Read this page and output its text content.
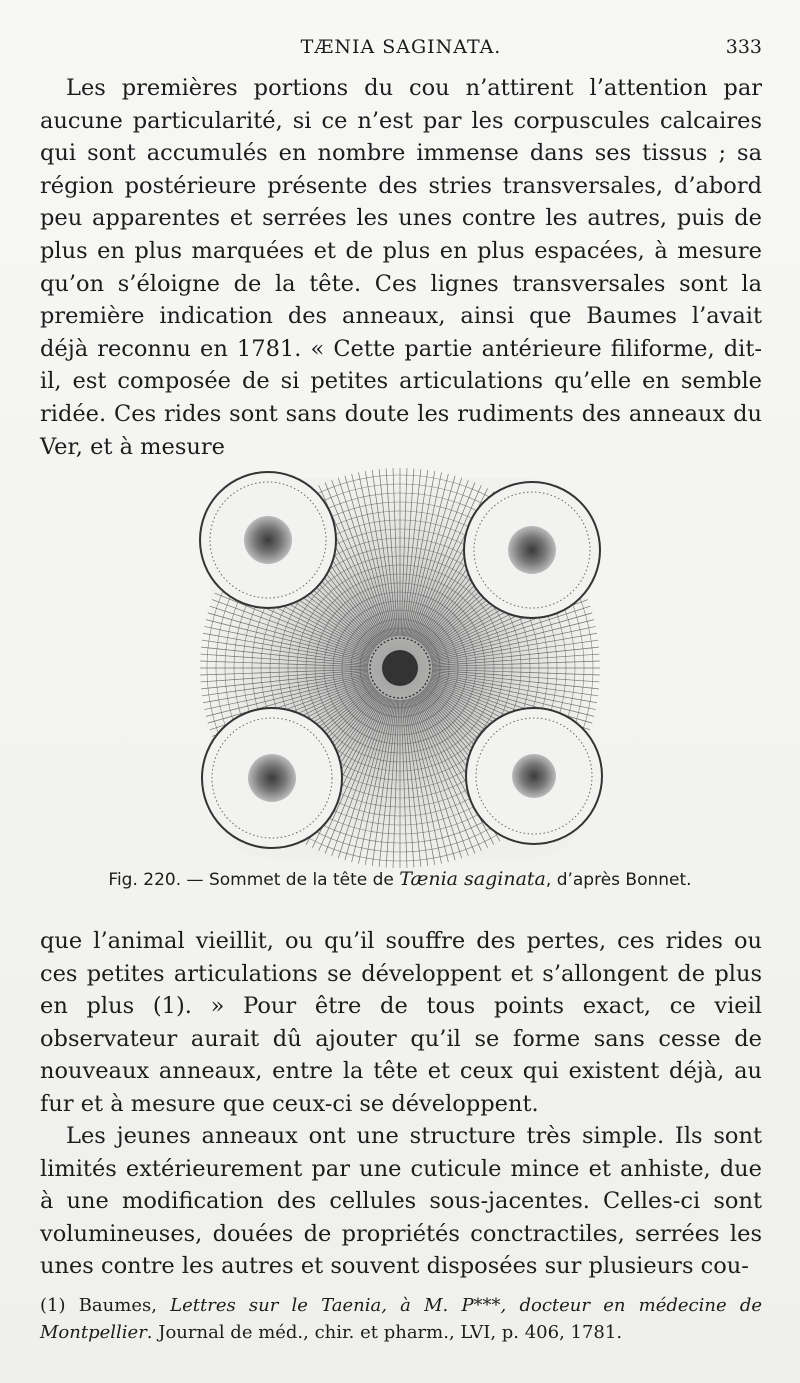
TÆNIA SAGINATA.	333

Les premières portions du cou n’attirent l’attention par aucune particularité, si ce n’est par les corpuscules calcaires qui sont accumulés en nombre immense dans ses tissus ; sa région postérieure présente des stries transversales, d’abord peu apparentes et serrées les unes contre les autres, puis de plus en plus marquées et de plus en plus espacées, à mesure qu’on s’éloigne de la tête. Ces lignes transversales sont la première indication des anneaux, ainsi que Baumes l’avait déjà reconnu en 1781. « Cette partie antérieure filiforme, dit-il, est composée de si petites articulations qu’elle en semble ridée. Ces rides sont sans doute les rudiments des anneaux du Ver, et à mesure

Fig. 220. — Sommet de la tête de Tænia saginata, d’après Bonnet.

que l’animal vieillit, ou qu’il souffre des pertes, ces rides ou ces petites articulations se développent et s’allongent de plus en plus (1). » Pour être de tous points exact, ce vieil observateur aurait dû ajouter qu’il se forme sans cesse de nouveaux anneaux, entre la tête et ceux qui existent déjà, au fur et à mesure que ceux-ci se développent.

Les jeunes anneaux ont une structure très simple. Ils sont limités extérieurement par une cuticule mince et anhiste, due à une modification des cellules sous-jacentes. Celles-ci sont volumineuses, douées de propriétés conctractiles, serrées les unes contre les autres et souvent disposées sur plusieurs cou-

(1) Baumes, Lettres sur le Taenia, à M. P***, docteur en médecine de Montpellier. Journal de méd., chir. et pharm., LVI, p. 406, 1781.
